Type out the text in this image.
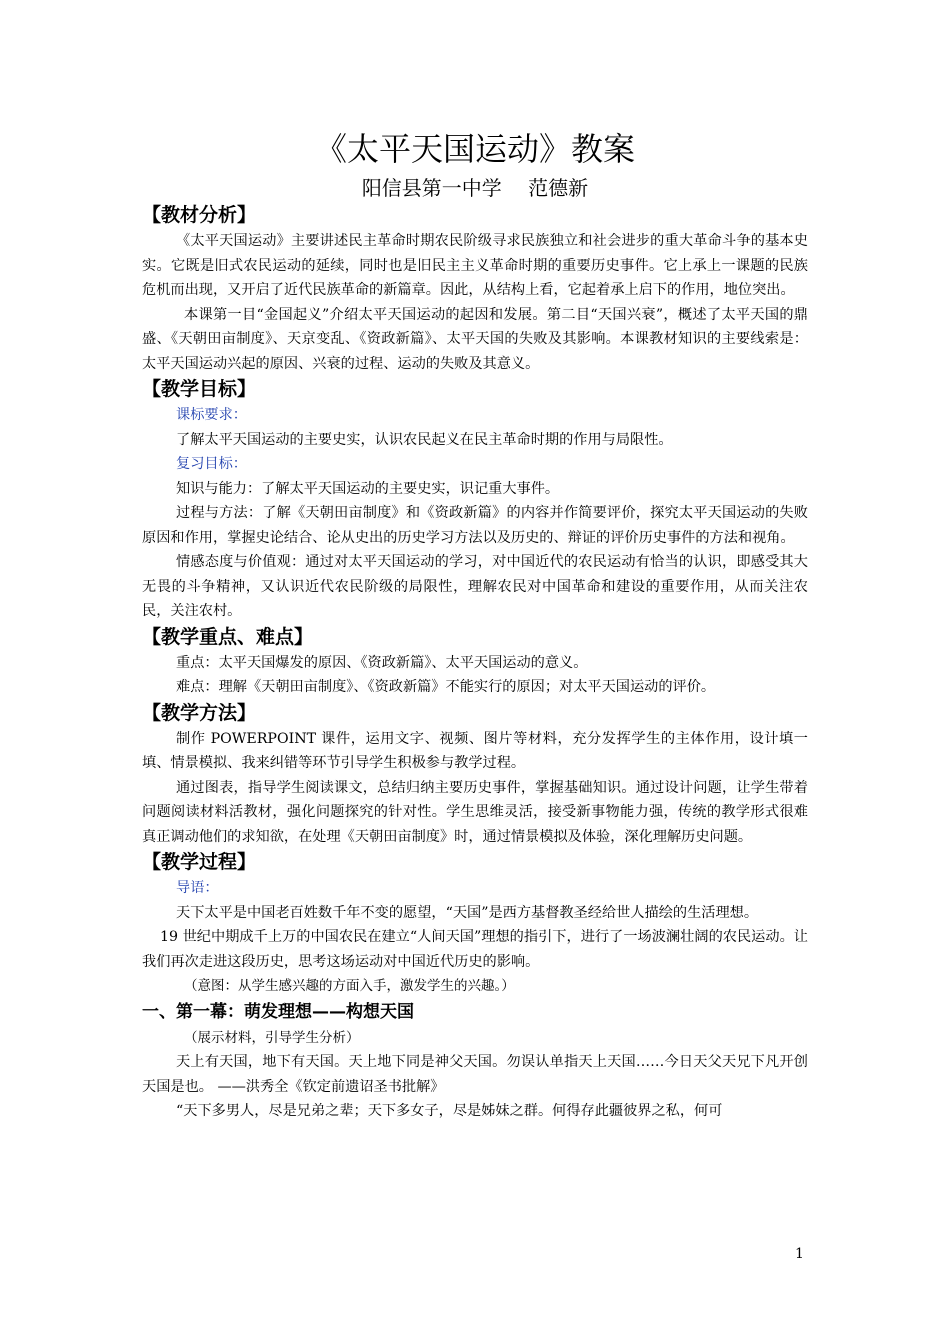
《太平天国运动》教案

阳信县第一中学　 范德新

【教材分析】

《太平天国运动》主要讲述民主革命时期农民阶级寻求民族独立和社会进步的重大革命斗争的基本史实。它既是旧式农民运动的延续，同时也是旧民主主义革命时期的重要历史事件。它上承上一课题的民族危机而出现，又开启了近代民族革命的新篇章。因此，从结构上看，它起着承上启下的作用，地位突出。

本课第一目“金国起义”介绍太平天国运动的起因和发展。第二目“天国兴衰”，概述了太平天国的鼎盛、《天朝田亩制度》、天京变乱、《资政新篇》、太平天国的失败及其影响。本课教材知识的主要线索是：太平天国运动兴起的原因、兴衰的过程、运动的失败及其意义。

【教学目标】

课标要求：

了解太平天国运动的主要史实，认识农民起义在民主革命时期的作用与局限性。

复习目标：

知识与能力：了解太平天国运动的主要史实，识记重大事件。

过程与方法：了解《天朝田亩制度》和《资政新篇》的内容并作简要评价，探究太平天国运动的失败原因和作用，掌握史论结合、论从史出的历史学习方法以及历史的、辩证的评价历史事件的方法和视角。

情感态度与价值观：通过对太平天国运动的学习，对中国近代的农民运动有恰当的认识，即感受其大无畏的斗争精神，又认识近代农民阶级的局限性，理解农民对中国革命和建设的重要作用，从而关注农民，关注农村。

【教学重点、难点】

重点：太平天国爆发的原因、《资政新篇》、太平天国运动的意义。

难点：理解《天朝田亩制度》、《资政新篇》不能实行的原因；对太平天国运动的评价。

【教学方法】

制作 POWERPOINT 课件，运用文字、视频、图片等材料，充分发挥学生的主体作用，设计填一填、情景模拟、我来纠错等环节引导学生积极参与教学过程。

通过图表，指导学生阅读课文，总结归纳主要历史事件，掌握基础知识。通过设计问题，让学生带着问题阅读材料活教材，强化问题探究的针对性。学生思维灵活，接受新事物能力强，传统的教学形式很难真正调动他们的求知欲，在处理《天朝田亩制度》时，通过情景模拟及体验，深化理解历史问题。

【教学过程】

导语：

天下太平是中国老百姓数千年不变的愿望，“天国”是西方基督教圣经给世人描绘的生活理想。

19 世纪中期成千上万的中国农民在建立“人间天国”理想的指引下，进行了一场波澜壮阔的农民运动。让我们再次走进这段历史，思考这场运动对中国近代历史的影响。

（意图：从学生感兴趣的方面入手，激发学生的兴趣。）

一、第一幕：萌发理想——构想天国

（展示材料，引导学生分析）

天上有天国，地下有天国。天上地下同是神父天国。勿误认单指天上天国……今日天父天兄下凡开创天国是也。 ——洪秀全《钦定前遗诏圣书批解》

“天下多男人，尽是兄弟之辈；天下多女子，尽是姊妹之群。何得存此疆彼界之私，何可

1
